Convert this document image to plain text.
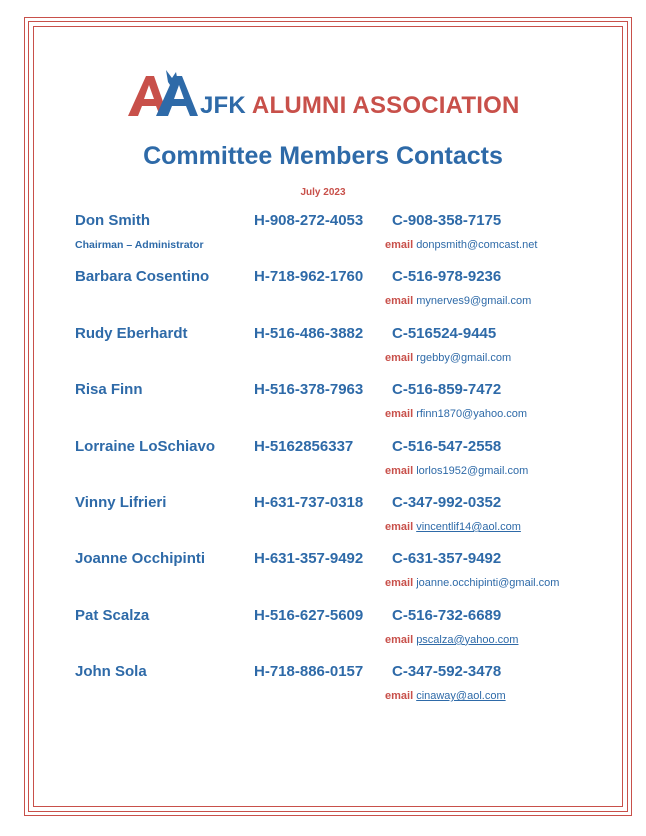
JFK ALUMNI ASSOCIATION
Committee Members Contacts
July 2023
Don Smith	H-908-272-4053 C-908-358-7175
Chairman – Administrator	email donpsmith@comcast.net
Barbara Cosentino	H-718-962-1760 C-516-978-9236
email mynerves9@gmail.com
Rudy Eberhardt	H-516-486-3882 C-516524-9445
email rgebby@gmail.com
Risa Finn	H-516-378-7963 C-516-859-7472
email rfinn1870@yahoo.com
Lorraine LoSchiavo	H-5162856337	C-516-547-2558
email lorlos1952@gmail.com
Vinny Lifrieri	H-631-737-0318 C-347-992-0352
email vincentlif14@aol.com
Joanne Occhipinti	H-631-357-9492 C-631-357-9492
email joanne.occhipinti@gmail.com
Pat Scalza	H-516-627-5609 C-516-732-6689
email pscalza@yahoo.com
John Sola	H-718-886-0157 C-347-592-3478
email cinaway@aol.com
